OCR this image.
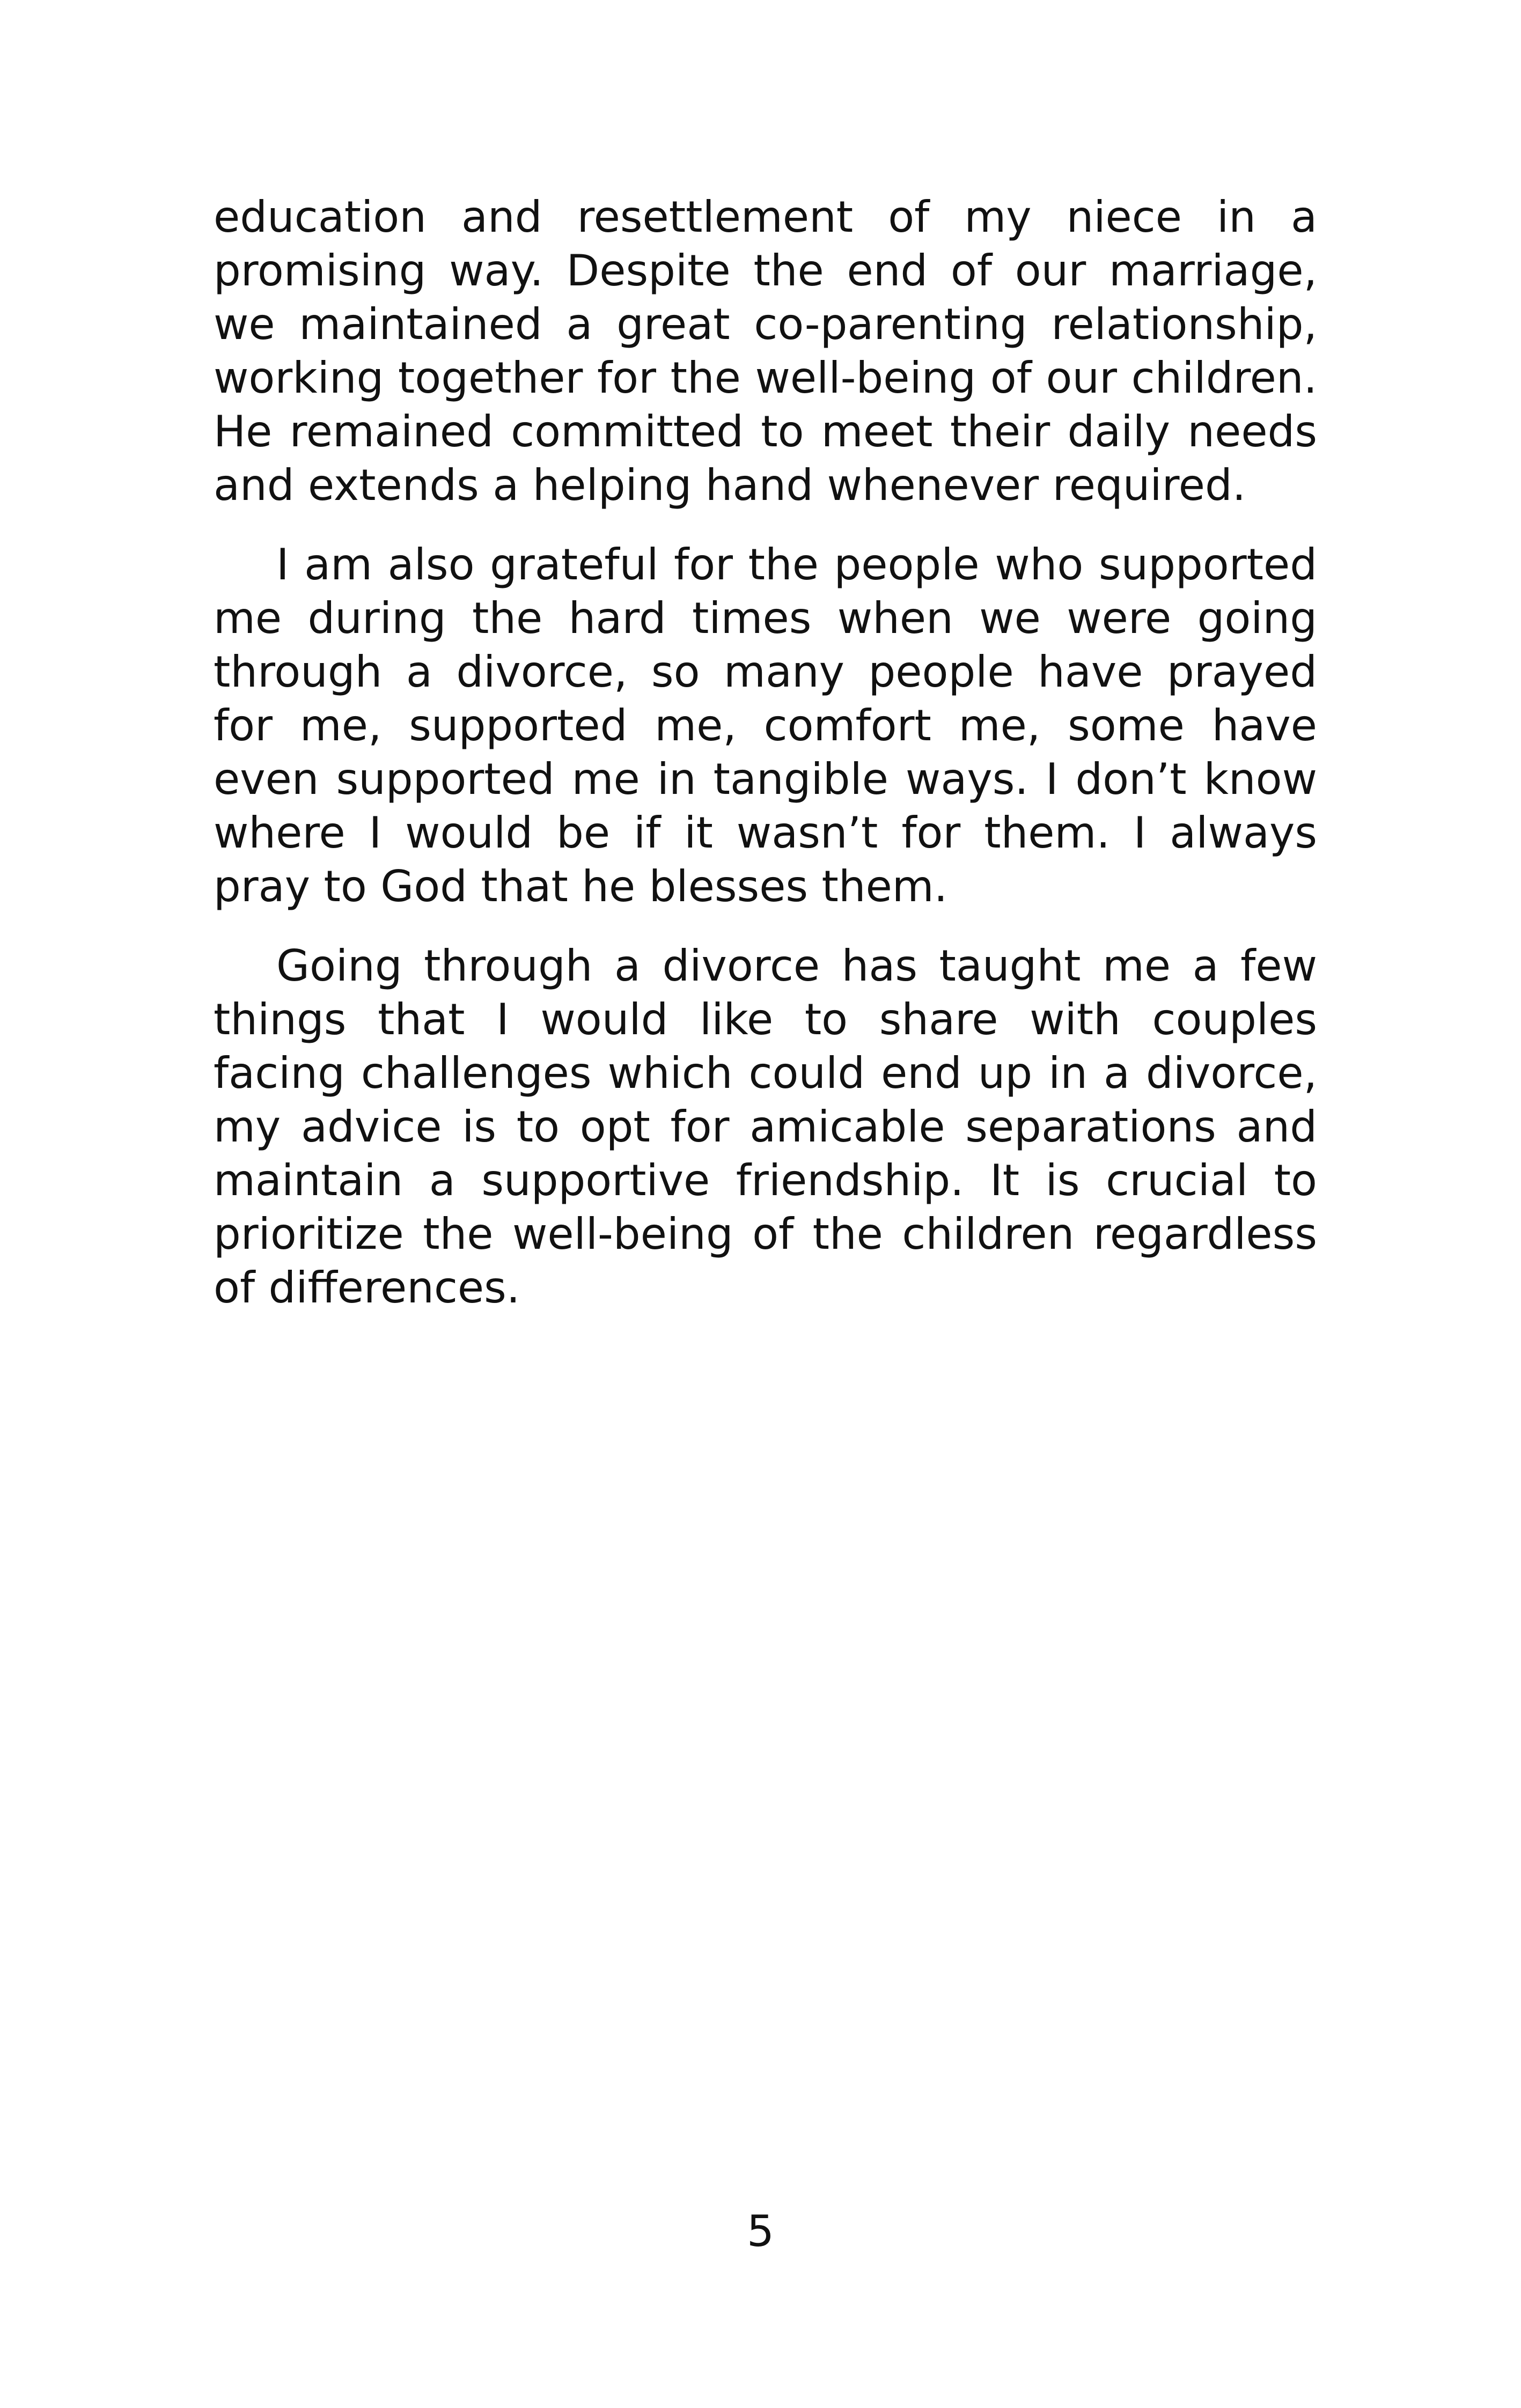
education and resettlement of my niece in a promising way. Despite the end of our marriage, we maintained a great co-parenting relationship, working together for the well-being of our children. He remained committed to meet their daily needs and extends a helping hand whenever required.

I am also grateful for the people who supported me during the hard times when we were going through a divorce, so many people have prayed for me, supported me, comfort me, some have even supported me in tangible ways. I don’t know where I would be if it wasn’t for them. I always pray to God that he blesses them.

Going through a divorce has taught me a few things that I would like to share with couples facing challenges which could end up in a divorce, my advice is to opt for amicable separations and maintain a supportive friendship. It is crucial to prioritize the well-being of the children regardless of differences.

5
